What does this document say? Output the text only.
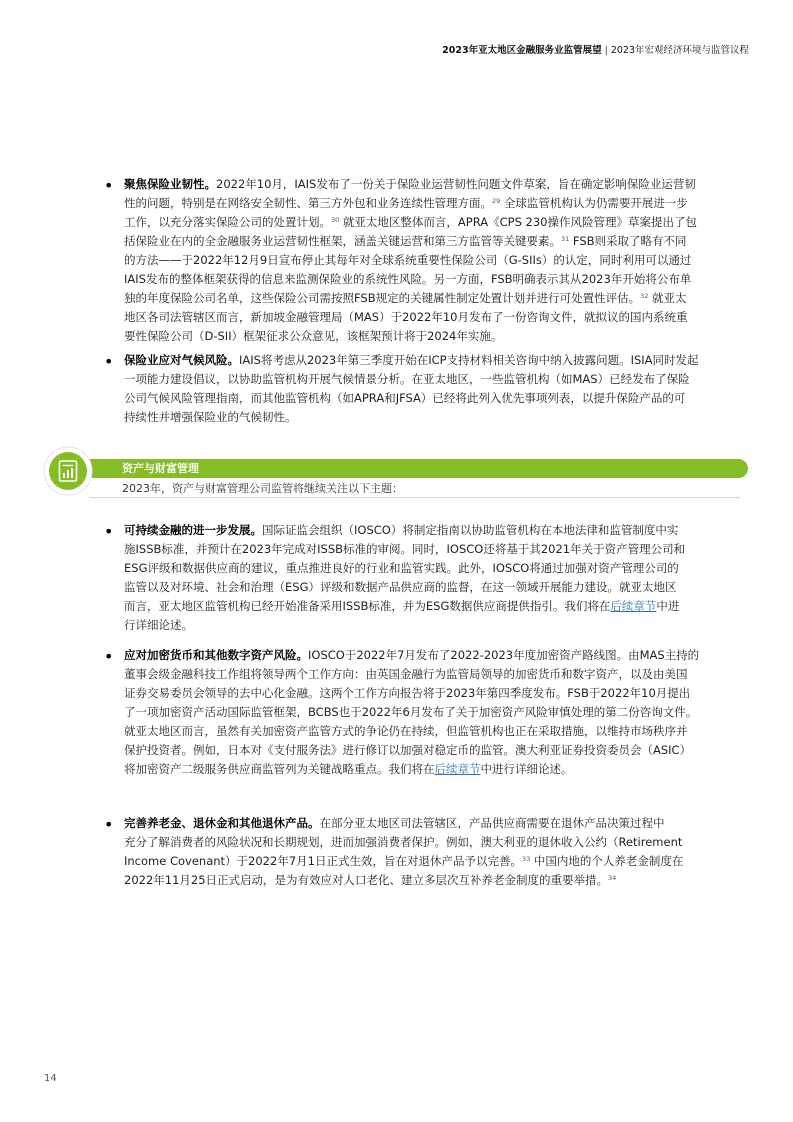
2023年亚太地区金融服务业监管展望 | 2023年宏观经济环境与监管议程
• 聚焦保险业韧性。2022年10月，IAIS发布了一份关于保险业运营韧性问题文件草案，旨在确定影响保险业运营韧
性的问题，特别是在网络安全韧性、第三方外包和业务连续性管理方面。$^{29}$ 全球监管机构认为仍需要开展进一步
工作，以充分落实保险公司的处置计划。$^{30}$ 就亚太地区整体而言，APRA《CPS 230操作风险管理》草案提出了包
括保险业在内的全金融服务业运营韧性框架，涵盖关键运营和第三方监管等关键要素。$^{31}$ FSB则采取了略有不同
的方法——于2022年12月9日宣布停止其每年对全球系统重要性保险公司（G-SIIs）的认定，同时利用可以通过
IAIS发布的整体框架获得的信息来监测保险业的系统性风险。另一方面，FSB明确表示其从2023年开始将公布单
独的年度保险公司名单，这些保险公司需按照FSB规定的关键属性制定处置计划并进行可处置性评估。$^{32}$ 就亚太
地区各司法管辖区而言，新加坡金融管理局（MAS）于2022年10月发布了一份咨询文件，就拟议的国内系统重
要性保险公司（D-SII）框架征求公众意见，该框架预计将于2024年实施。
• 保险业应对气候风险。IAIS将考虑从2023年第三季度开始在ICP支持材料相关咨询中纳入披露问题。ISIA同时发起
一项能力建设倡议，以协助监管机构开展气候情景分析。在亚太地区，一些监管机构（如MAS）已经发布了保险
公司气候风险管理指南，而其他监管机构（如APRA和JFSA）已经将此列入优先事项列表，以提升保险产品的可
持续性并增强保险业的气候韧性。
资产与财富管理
2023年，资产与财富管理公司监管将继续关注以下主题：
• 可持续金融的进一步发展。国际证监会组织（IOSCO）将制定指南以协助监管机构在本地法律和监管制度中实
施ISSB标准，并预计在2023年完成对ISSB标准的审阅。同时，IOSCO还将基于其2021年关于资产管理公司和
ESG评级和数据供应商的建议，重点推进良好的行业和监管实践。此外，IOSCO将通过加强对资产管理公司的
监管以及对环境、社会和治理（ESG）评级和数据产品供应商的监督，在这一领域开展能力建设。就亚太地区
而言，亚太地区监管机构已经开始准备采用ISSB标准，并为ESG数据供应商提供指引。我们将在后续章节中进
行详细论述。
• 应对加密货币和其他数字资产风险。IOSCO于2022年7月发布了2022-2023年度加密资产路线图。由MAS主持的
董事会级金融科技工作组将领导两个工作方向：由英国金融行为监管局领导的加密货币和数字资产，以及由美国
证券交易委员会领导的去中心化金融。这两个工作方向报告将于2023年第四季度发布。FSB于2022年10月提出
了一项加密资产活动国际监管框架，BCBS也于2022年6月发布了关于加密资产风险审慎处理的第二份咨询文件。
就亚太地区而言，虽然有关加密资产监管方式的争论仍在持续，但监管机构也正在采取措施，以维持市场秩序并
保护投资者。例如，日本对《支付服务法》进行修订以加强对稳定币的监管。澳大利亚证券投资委员会（ASIC）
将加密资产二级服务供应商监管列为关键战略重点。我们将在后续章节中进行详细论述。
• 完善养老金、退休金和其他退休产品。在部分亚太地区司法管辖区，产品供应商需要在退休产品决策过程中
充分了解消费者的风险状况和长期规划，进而加强消费者保护。例如，澳大利亚的退休收入公约（Retirement
Income Covenant）于2022年7月1日正式生效，旨在对退休产品予以完善。$^{33}$ 中国内地的个人养老金制度在
2022年11月25日正式启动，是为有效应对人口老化、建立多层次互补养老金制度的重要举措。$^{34}$
14
